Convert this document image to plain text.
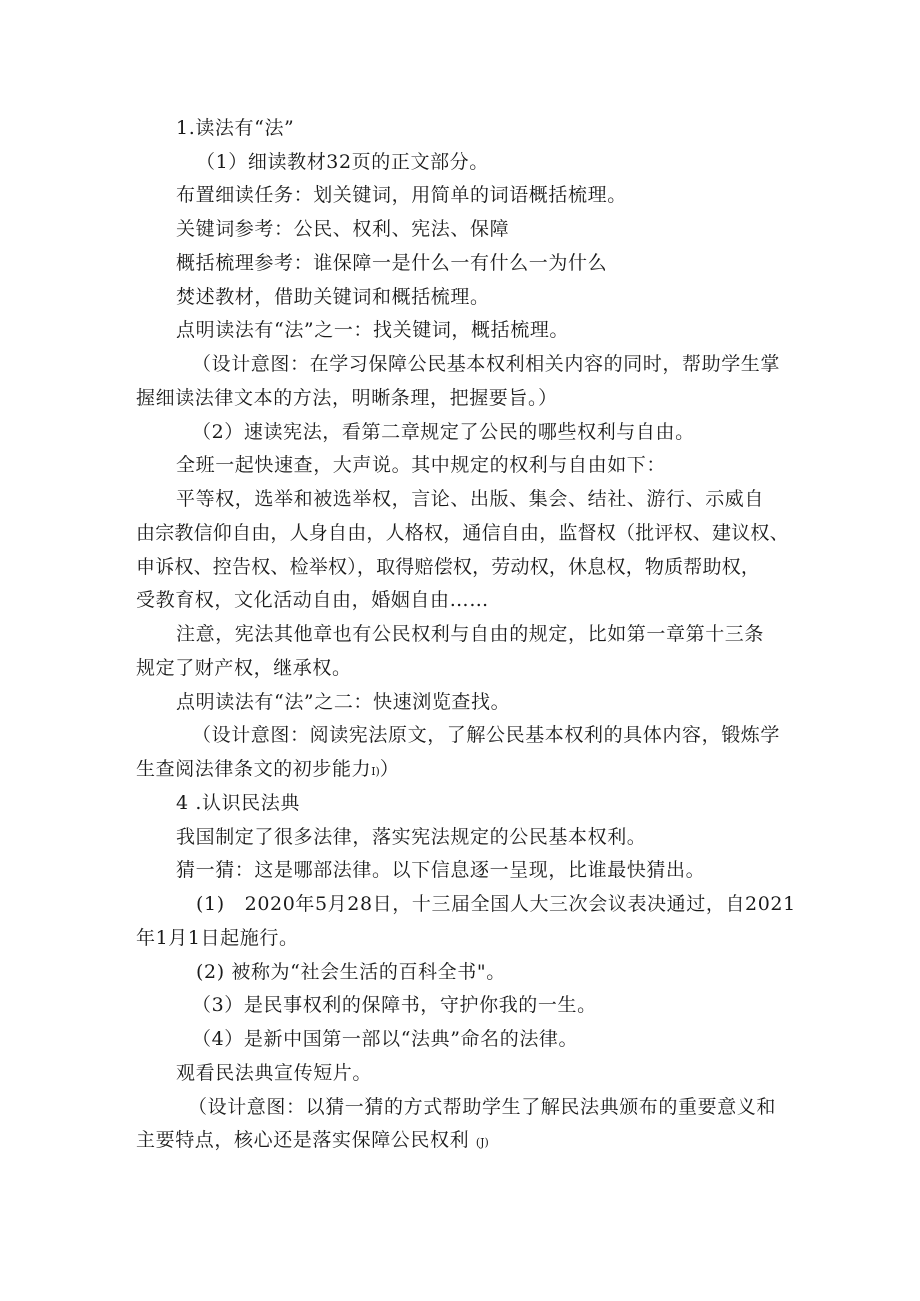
1.读法有“法”
（1）细读教材32页的正文部分。
布置细读任务：划关键词，用简单的词语概括梳理。
关键词参考：公民、权利、宪法、保障
概括梳理参考：谁保障一是什么一有什么一为什么
焚述教材，借助关键词和概括梳理。
点明读法有“法”之一：找关键词，概括梳理。
（设计意图：在学习保障公民基本权利相关内容的同时，帮助学生掌
握细读法律文本的方法，明晰条理，把握要旨。）
（2）速读宪法，看第二章规定了公民的哪些权利与自由。
全班一起快速查，大声说。其中规定的权利与自由如下：
平等权，选举和被选举权，言论、出版、集会、结社、游行、示威自
由宗教信仰自由，人身自由，人格权，通信自由，监督权（批评权、建议权、
申诉权、控告权、检举权），取得赔偿权，劳动权，休息权，物质帮助权，
受教育权，文化活动自由，婚姻自由……
注意，宪法其他章也有公民权利与自由的规定，比如第一章第十三条
规定了财产权，继承权。
点明读法有“法”之二：快速浏览查找。
（设计意图：阅读宪法原文，了解公民基本权利的具体内容，锻炼学
生查阅法律条文的初步能力I)）
4 .认识民法典
我国制定了很多法律，落实宪法规定的公民基本权利。
猜一猜：这是哪部法律。以下信息逐一呈现，比谁最快猜出。
(1)   2020年5月28日，十三届全国人大三次会议表决通过，自2021
年1月1日起施行。
(2) 被称为“社会生活的百科全书"。
（3）是民事权利的保障书，守护你我的一生。
（4）是新中国第一部以“法典”命名的法律。
观看民法典宣传短片。
（设计意图：以猜一猜的方式帮助学生了解民法典颁布的重要意义和
主要特点，核心还是落实保障公民权利 (J)
